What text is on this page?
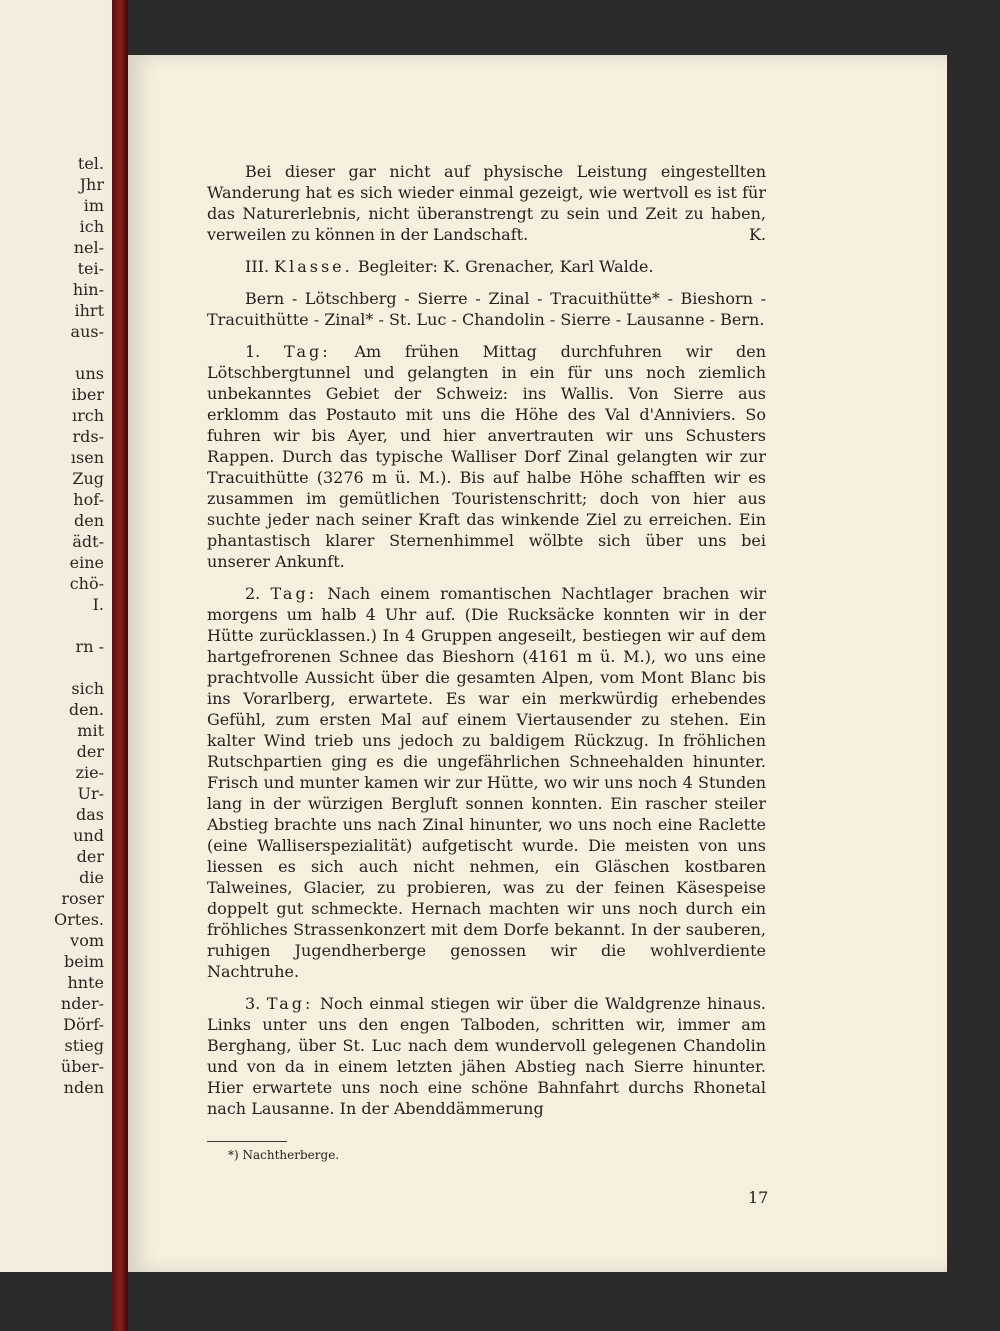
tel.
Jhr
im
ich
nel-
tei-
hin-
ihrt
aus-
uns
iber
ırch
rds-
ısen
Zug
hof-
den
ädt-
eine
chö-
I.
rn -
sich
den.
mit
der
zie-
Ur-
das
und
der
die
roser
Ortes.
vom
beim
hnte
nder-
Dörf-
stieg
über-
nden

Bei dieser gar nicht auf physische Leistung eingestellten Wanderung hat es sich wieder einmal gezeigt, wie wertvoll es ist für das Naturerlebnis, nicht überanstrengt zu sein und Zeit zu haben, verweilen zu können in der Landschaft.	K.

III. Klasse. Begleiter: K. Grenacher, Karl Walde.

Bern - Lötschberg - Sierre - Zinal - Tracuithütte* - Bieshorn - Tracuithütte - Zinal* - St. Luc - Chandolin - Sierre - Lausanne - Bern.

1. Tag: Am frühen Mittag durchfuhren wir den Lötschbergtunnel und gelangten in ein für uns noch ziemlich unbekanntes Gebiet der Schweiz: ins Wallis. Von Sierre aus erklomm das Postauto mit uns die Höhe des Val d'Anniviers. So fuhren wir bis Ayer, und hier anvertrauten wir uns Schusters Rappen. Durch das typische Walliser Dorf Zinal gelangten wir zur Tracuithütte (3276 m ü. M.). Bis auf halbe Höhe schafften wir es zusammen im gemütlichen Touristenschritt; doch von hier aus suchte jeder nach seiner Kraft das winkende Ziel zu erreichen. Ein phantastisch klarer Sternenhimmel wölbte sich über uns bei unserer Ankunft.

2. Tag: Nach einem romantischen Nachtlager brachen wir morgens um halb 4 Uhr auf. (Die Rucksäcke konnten wir in der Hütte zurücklassen.) In 4 Gruppen angeseilt, bestiegen wir auf dem hartgefrorenen Schnee das Bieshorn (4161 m ü. M.), wo uns eine prachtvolle Aussicht über die gesamten Alpen, vom Mont Blanc bis ins Vorarlberg, erwartete. Es war ein merkwürdig erhebendes Gefühl, zum ersten Mal auf einem Viertausender zu stehen. Ein kalter Wind trieb uns jedoch zu baldigem Rückzug. In fröhlichen Rutschpartien ging es die ungefährlichen Schneehalden hinunter. Frisch und munter kamen wir zur Hütte, wo wir uns noch 4 Stunden lang in der würzigen Bergluft sonnen konnten. Ein rascher steiler Abstieg brachte uns nach Zinal hinunter, wo uns noch eine Raclette (eine Walliserspezialität) aufgetischt wurde. Die meisten von uns liessen es sich auch nicht nehmen, ein Gläschen kostbaren Talweines, Glacier, zu probieren, was zu der feinen Käsespeise doppelt gut schmeckte. Hernach machten wir uns noch durch ein fröhliches Strassenkonzert mit dem Dorfe bekannt. In der sauberen, ruhigen Jugendherberge genossen wir die wohlverdiente Nachtruhe.

3. Tag: Noch einmal stiegen wir über die Waldgrenze hinaus. Links unter uns den engen Talboden, schritten wir, immer am Berghang, über St. Luc nach dem wundervoll gelegenen Chandolin und von da in einem letzten jähen Abstieg nach Sierre hinunter. Hier erwartete uns noch eine schöne Bahnfahrt durchs Rhonetal nach Lausanne. In der Abenddämmerung

*) Nachtherberge.
17
